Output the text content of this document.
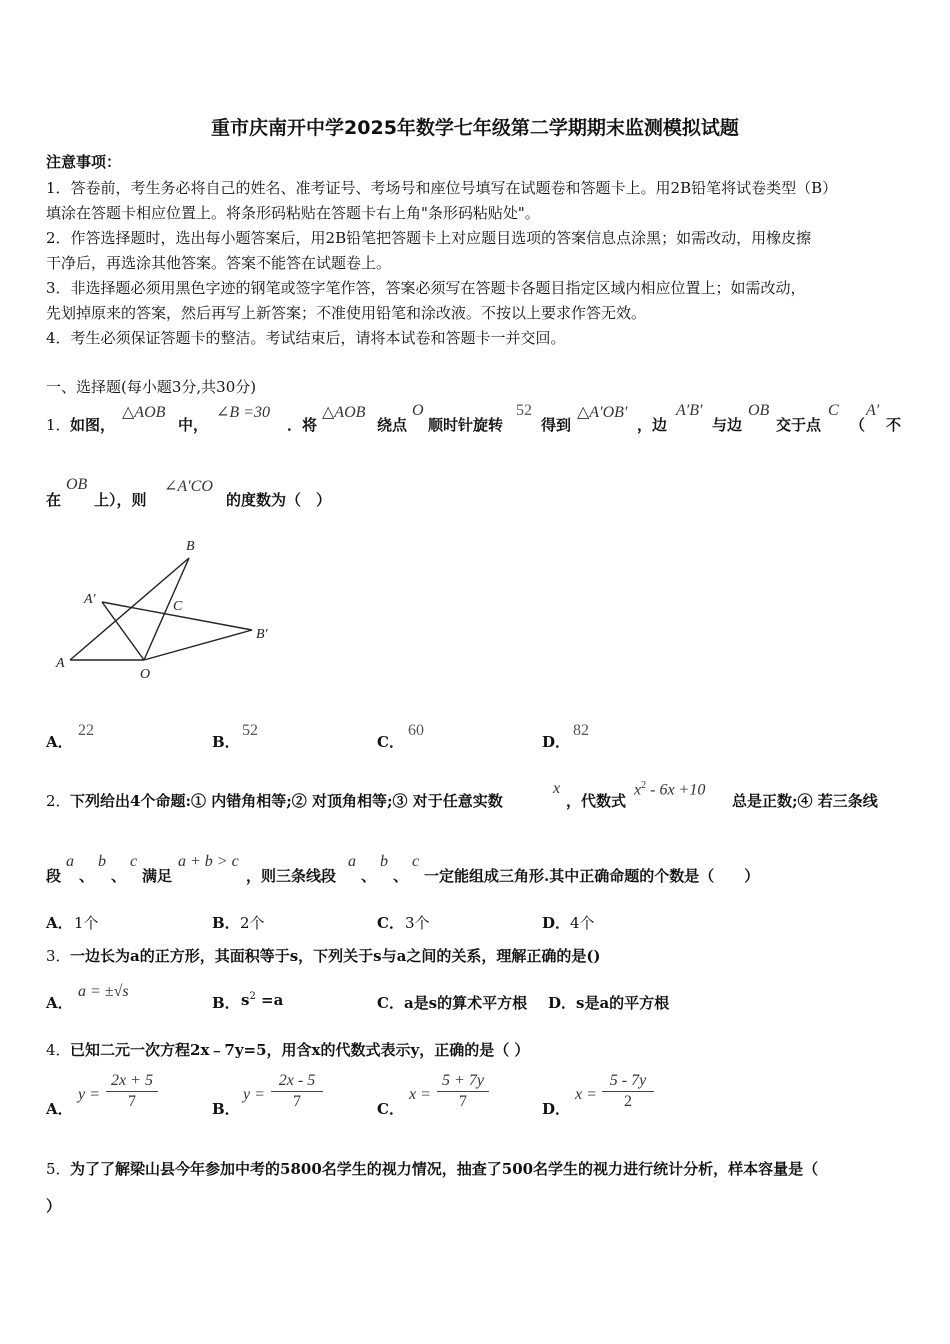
重市庆南开中学2025年数学七年级第二学期期末监测模拟试题
注意事项：
1．答卷前，考生务必将自己的姓名、准考证号、考场号和座位号填写在试题卷和答题卡上。用2B铅笔将试卷类型（B）
填涂在答题卡相应位置上。将条形码粘贴在答题卡右上角"条形码粘贴处"。
2．作答选择题时，选出每小题答案后，用2B铅笔把答题卡上对应题目选项的答案信息点涂黑；如需改动，用橡皮擦
干净后，再选涂其他答案。答案不能答在试题卷上。
3．非选择题必须用黑色字迹的钢笔或签字笔作答，答案必须写在答题卡各题目指定区域内相应位置上；如需改动，
先划掉原来的答案，然后再写上新答案；不准使用铅笔和涂改液。不按以上要求作答无效。
4．考生必须保证答题卡的整洁。考试结束后，请将本试卷和答题卡一并交回。
一、选择题(每小题3分,共30分)
1． 如图，
△AOB
中，
∠B =30
．将
△AOB
绕点
O
顺时针旋转
52
得到
△A′OB′
，边
A′B′
与边
OB
交于点
C
（
A′
不
在
OB
上），则
∠A′CO
的度数为（　）
B
A′	C
B′
A
O
A．
22
B．
52
C．
60
D．
82
2． 下列给出4个命题:① 内错角相等;② 对顶角相等;③ 对于任意实数
x
，代数式
$x^2 - 6x +10$
总是正数;④ 若三条线
段
a
、
b
、
c
满足
a + b > c
，则三条线段
a
、
b
、
c
一定能组成三角形.其中正确命题的个数是（　　）
A． 1个	B． 2个	C． 3个	D． 4个
3． 一边长为a的正方形，其面积等于s，下列关于s与a之间的关系，理解正确的是()
A．
a = ±√s
B． $s^2 =a$	C．a是s的算术平方根 D．s是a的平方根
4． 已知二元一次方程2x﹣7y=5，用含x的代数式表示y，正确的是（ ）
A．
$y = \frac{2x + 5}{7}$	B．
$y = \frac{2x - 5}{7}$	C．
$x = \frac{5 + 7y}{7}$	D．
$x = \frac{5 - 7y}{2}$
5． 为了了解梁山县今年参加中考的5800名学生的视力情况，抽查了500名学生的视力进行统计分析，样本容量是（
）
